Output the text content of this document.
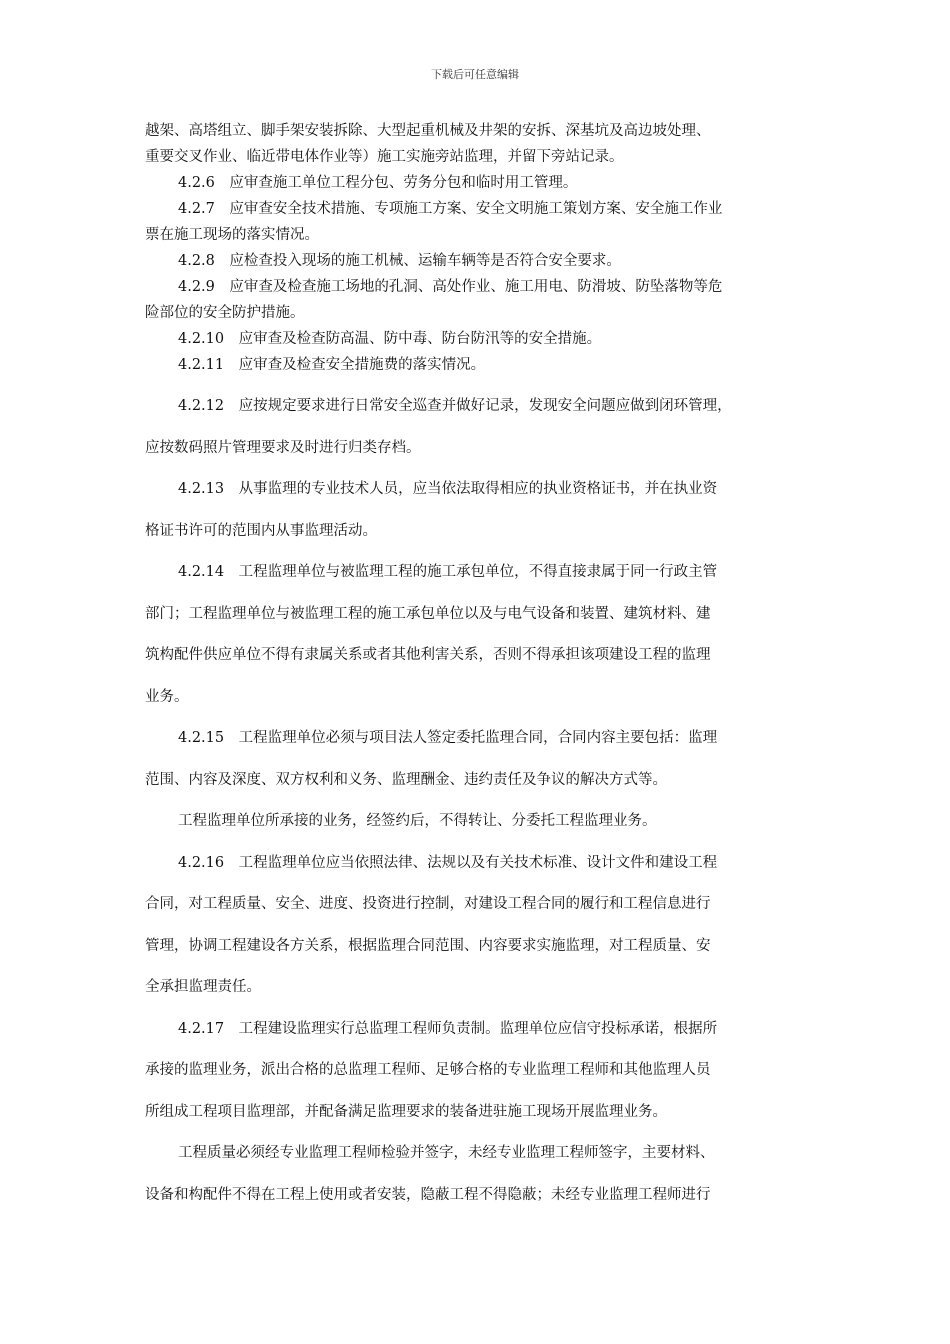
下载后可任意编辑
越架、高塔组立、脚手架安装拆除、大型起重机械及井架的安拆、深基坑及高边坡处理、
重要交叉作业、临近带电体作业等）施工实施旁站监理，并留下旁站记录。
4.2.6　应审查施工单位工程分包、劳务分包和临时用工管理。
4.2.7　应审查安全技术措施、专项施工方案、安全文明施工策划方案、安全施工作业
票在施工现场的落实情况。
4.2.8　应检查投入现场的施工机械、运输车辆等是否符合安全要求。
4.2.9　应审查及检查施工场地的孔洞、高处作业、施工用电、防滑坡、防坠落物等危
险部位的安全防护措施。
4.2.10　应审查及检查防高温、防中毒、防台防汛等的安全措施。
4.2.11　应审查及检查安全措施费的落实情况。
4.2.12　应按规定要求进行日常安全巡查并做好记录，发现安全问题应做到闭环管理，
应按数码照片管理要求及时进行归类存档。
4.2.13　从事监理的专业技术人员，应当依法取得相应的执业资格证书，并在执业资
格证书许可的范围内从事监理活动。
4.2.14　工程监理单位与被监理工程的施工承包单位，不得直接隶属于同一行政主管
部门；工程监理单位与被监理工程的施工承包单位以及与电气设备和装置、建筑材料、建
筑构配件供应单位不得有隶属关系或者其他利害关系，否则不得承担该项建设工程的监理
业务。
4.2.15　工程监理单位必须与项目法人签定委托监理合同，合同内容主要包括：监理
范围、内容及深度、双方权利和义务、监理酬金、违约责任及争议的解决方式等。
工程监理单位所承接的业务，经签约后，不得转让、分委托工程监理业务。
4.2.16　工程监理单位应当依照法律、法规以及有关技术标准、设计文件和建设工程
合同，对工程质量、安全、进度、投资进行控制，对建设工程合同的履行和工程信息进行
管理，协调工程建设各方关系，根据监理合同范围、内容要求实施监理，对工程质量、安
全承担监理责任。
4.2.17　工程建设监理实行总监理工程师负责制。监理单位应信守投标承诺，根据所
承接的监理业务，派出合格的总监理工程师、足够合格的专业监理工程师和其他监理人员
所组成工程项目监理部，并配备满足监理要求的装备进驻施工现场开展监理业务。
工程质量必须经专业监理工程师检验并签字，未经专业监理工程师签字，主要材料、
设备和构配件不得在工程上使用或者安装，隐蔽工程不得隐蔽；未经专业监理工程师进行
